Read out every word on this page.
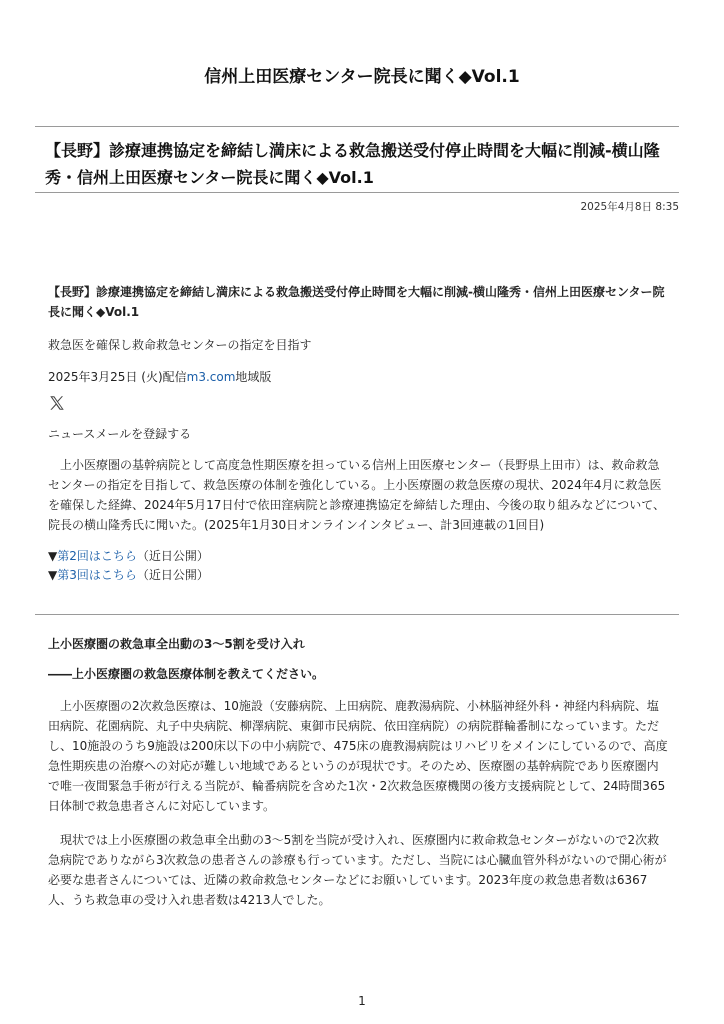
信州上田医療センター院長に聞く◆Vol.1
【長野】診療連携協定を締結し満床による救急搬送受付停止時間を大幅に削減-横山隆秀・信州上田医療センター院長に聞く◆Vol.1
2025年4月8日 8:35

【長野】診療連携協定を締結し満床による救急搬送受付停止時間を大幅に削減-横山隆秀・信州上田医療センター院長に聞く◆Vol.1

救急医を確保し救命救急センターの指定を目指す

2025年3月25日 (火)配信m3.com地域版

ニュースメールを登録する

上小医療圏の基幹病院として高度急性期医療を担っている信州上田医療センター（長野県上田市）は、救命救急センターの指定を目指して、救急医療の体制を強化している。上小医療圏の救急医療の現状、2024年4月に救急医を確保した経緯、2024年5月17日付で依田窪病院と診療連携協定を締結した理由、今後の取り組みなどについて、院長の横山隆秀氏に聞いた。(2025年1月30日オンラインインタビュー、計3回連載の1回目)

▼第2回はこちら（近日公開）
▼第3回はこちら（近日公開）

上小医療圏の救急車全出動の3～5割を受け入れ

――上小医療圏の救急医療体制を教えてください。

上小医療圏の2次救急医療は、10施設（安藤病院、上田病院、鹿教湯病院、小林脳神経外科・神経内科病院、塩田病院、花園病院、丸子中央病院、柳澤病院、東御市民病院、依田窪病院）の病院群輪番制になっています。ただし、10施設のうち9施設は200床以下の中小病院で、475床の鹿教湯病院はリハビリをメインにしているので、高度急性期疾患の治療への対応が難しい地域であるというのが現状です。そのため、医療圏の基幹病院であり医療圏内で唯一夜間緊急手術が行える当院が、輪番病院を含めた1次・2次救急医療機関の後方支援病院として、24時間365日体制で救急患者さんに対応しています。

現状では上小医療圏の救急車全出動の3～5割を当院が受け入れ、医療圏内に救命救急センターがないので2次救急病院でありながら3次救急の患者さんの診療も行っています。ただし、当院には心臓血管外科がないので開心術が必要な患者さんについては、近隣の救命救急センターなどにお願いしています。2023年度の救急患者数は6367人、うち救急車の受け入れ患者数は4213人でした。

1
